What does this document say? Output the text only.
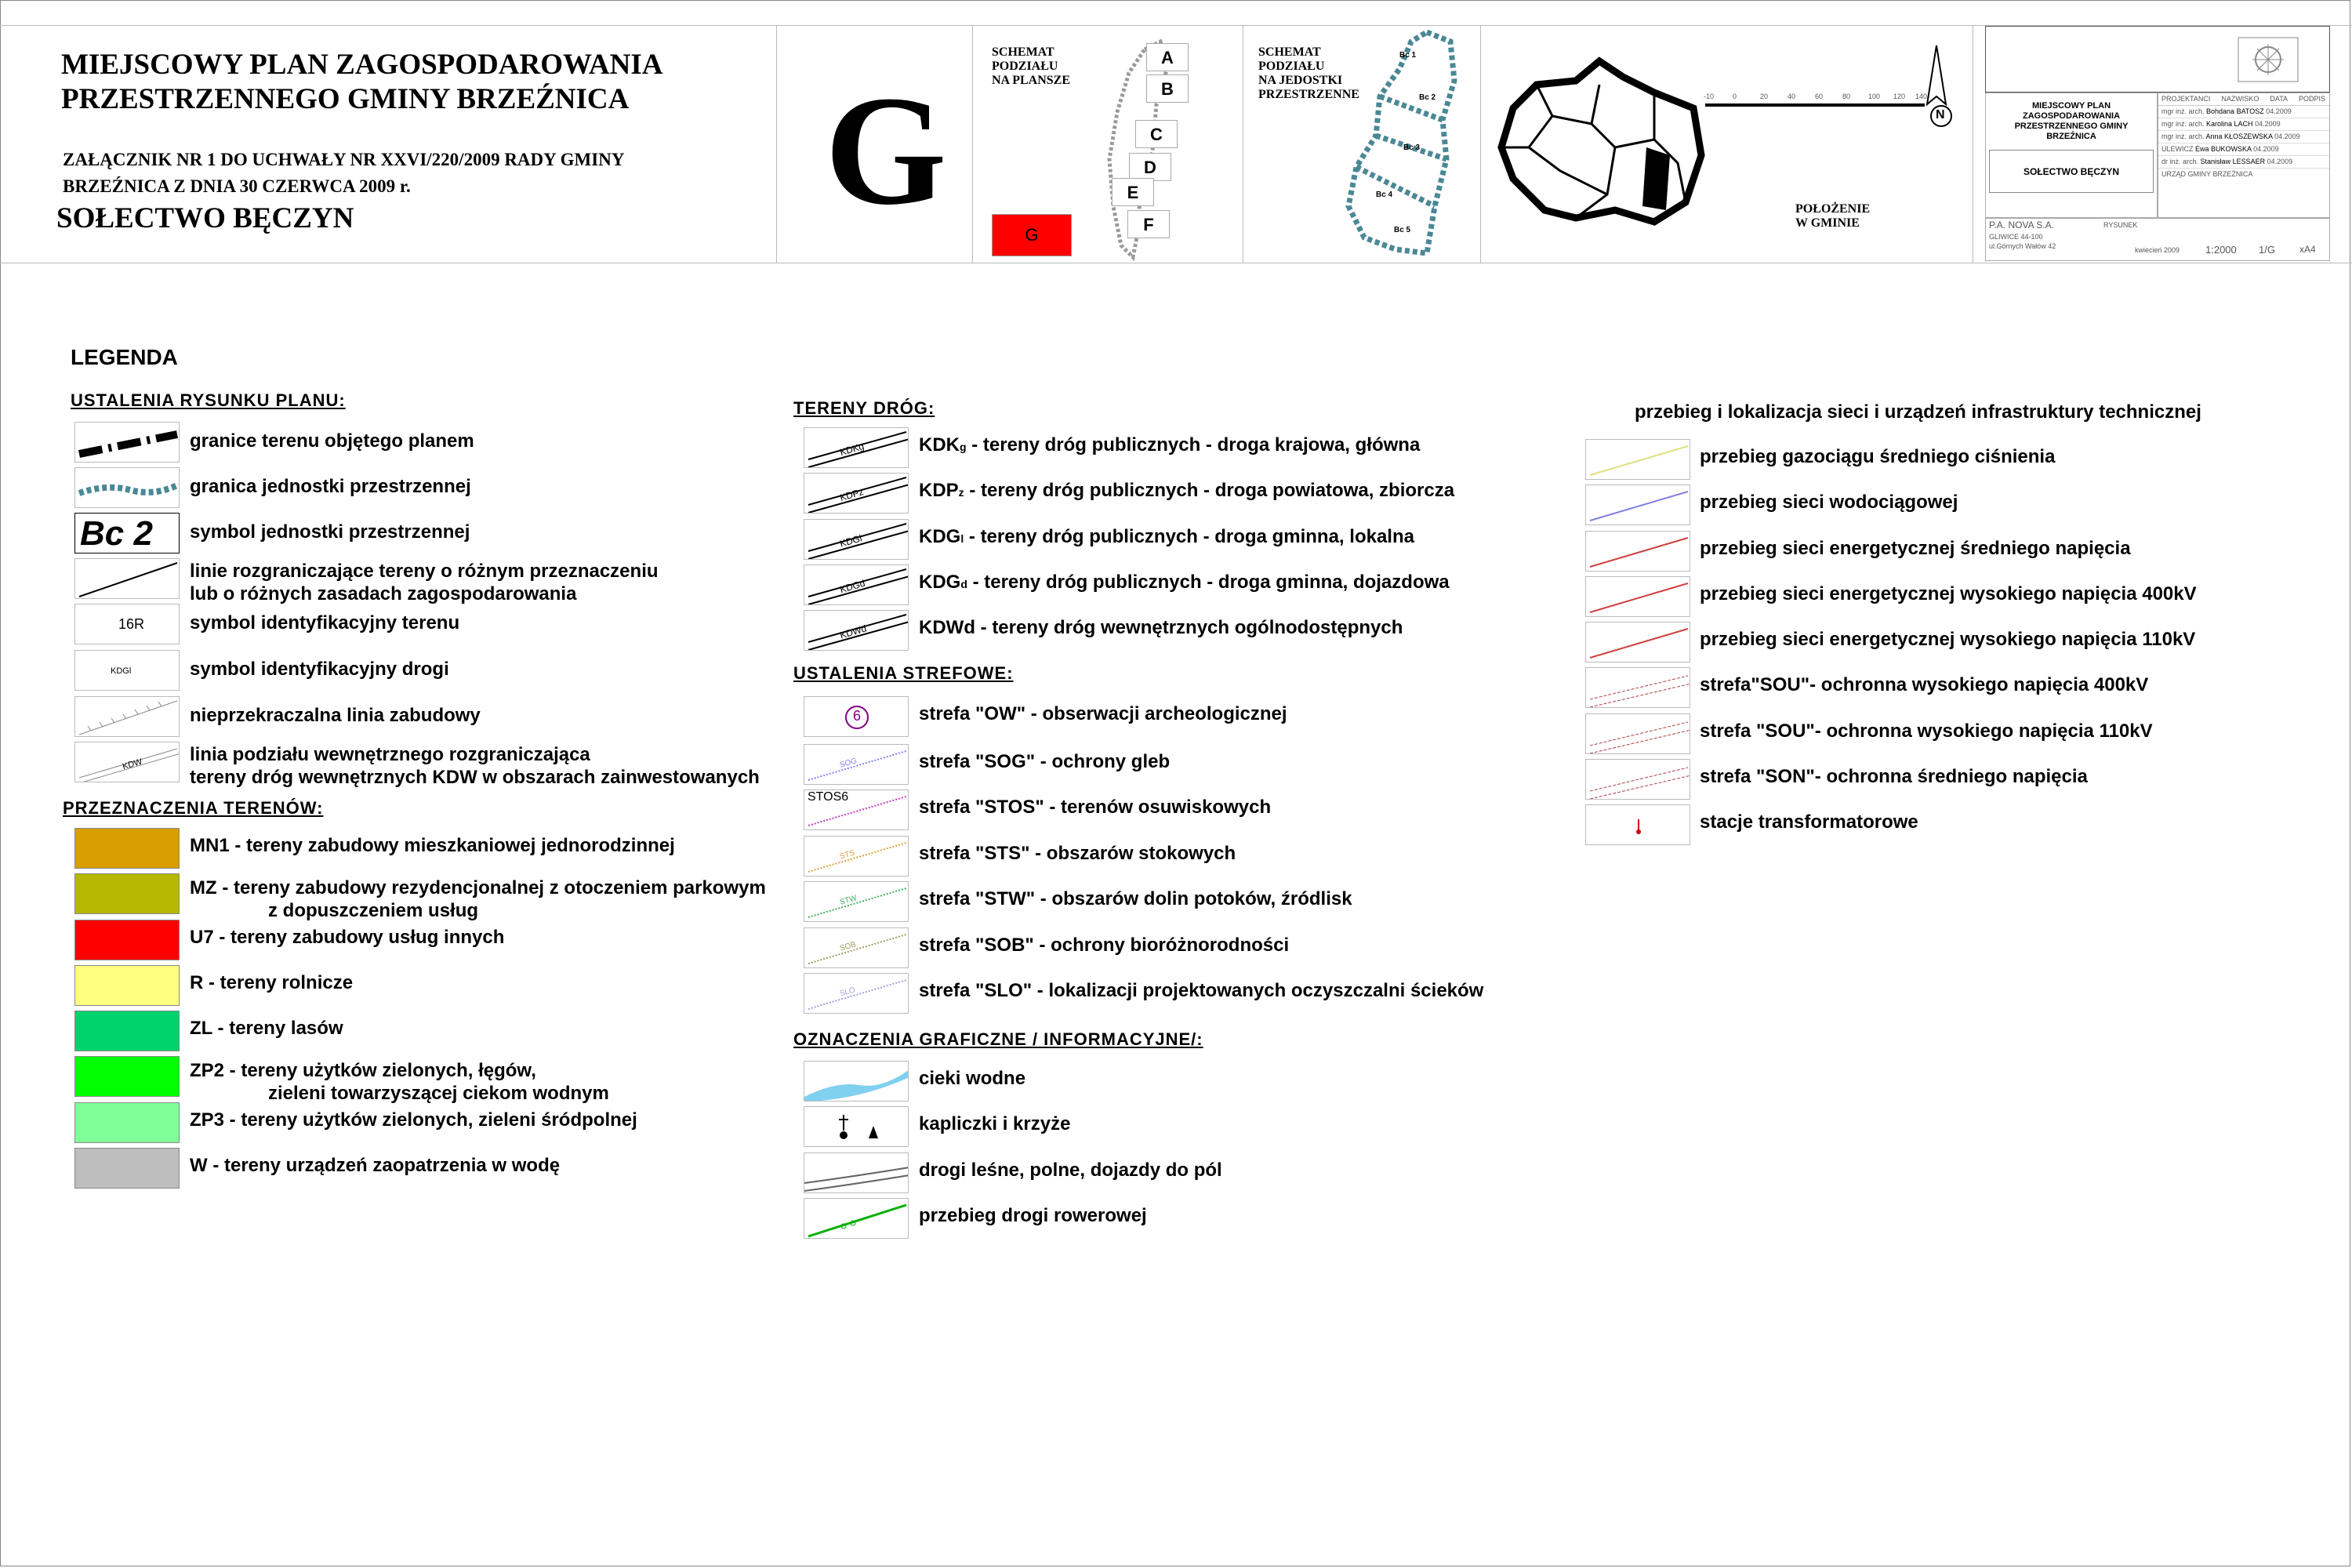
MIEJSCOWY PLAN ZAGOSPODAROWANIA
PRZESTRZENNEGO GMINY BRZEŹNICA
ZAŁĄCZNIK NR 1 DO UCHWAŁY NR XXVI/220/2009 RADY GMINY
BRZEŹNICA Z DNIA 30 CZERWCA 2009 r.
SOŁECTWO BĘCZYN	G
SCHEMAT
PODZIAŁU
NA PLANSZE
A
B
C
D
E
F
G
SCHEMAT
PODZIAŁU
NA JEDOSTKI
PRZESTRZENNE
Bc 1
Bc 2
Bc 3
Bc 4
Bc 5
-10	0	20	40	60	80	100 120 140
N
POŁOŻENIE
W GMINIE
MIEJSCOWY PLAN
ZAGOSPODAROWANIA
PRZESTRZENNEGO GMINY
BRZEŹNICA
SOŁECTWO BĘCZYN
PROJEKTANCI NAZWISKO DATA PODPIS
mgr inż. arch. Bohdana BATOSZ 04.2009
mgr inż. arch. Karolina LACH 04.2009
mgr inż. arch. Anna KŁOSZEWSKA 04.2009
ULEWICZ Ewa BUKOWSKA 04.2009
dr inż. arch. Stanisław LESSAER 04.2009
URZĄD GMINY BRZEŹNICA
P.A. NOVA S.A.
GLIWICE 44-100
ul.Górnych Wałów 42
RYSUNEK
kwiecień 2009	1:2000 1/G	xA4
LEGENDA
USTALENIA RYSUNKU PLANU:
PRZEZNACZENIA TERENÓW:
TERENY DRÓG:
USTALENIA STREFOWE:
OZNACZENIA GRAFICZNE / INFORMACYJNE/:
przebieg i lokalizacja sieci i urządzeń infrastruktury technicznej
granice terenu objętego planem
granica jednostki przestrzennej
Bc 2 symbol jednostki przestrzennej
linie rozgraniczające tereny o różnym przeznaczeniu
lub o różnych zasadach zagospodarowania
16R symbol identyfikacyjny terenu
KDGl	symbol identyfikacyjny drogi
nieprzekraczalna linia zabudowy
KDW linia podziału wewnętrznego rozgraniczająca
tereny dróg wewnętrznych KDW w obszarach zainwestowanych
MN1 - tereny zabudowy mieszkaniowej jednorodzinnej
MZ - tereny zabudowy rezydencjonalnej z otoczeniem parkowym
z dopuszczeniem usług
U7 - tereny zabudowy usług innych
R - tereny rolnicze
ZL - tereny lasów
ZP2 - tereny użytków zielonych, łęgów,
zieleni towarzyszącej ciekom wodnym
ZP3 - tereny użytków zielonych, zieleni śródpolnej
W - tereny urządzeń zaopatrzenia w wodę
KDKg	KDKg - tereny dróg publicznych - droga krajowa, główna
KDPz	KDPz - tereny dróg publicznych - droga powiatowa, zbiorcza
KDGl	KDGl - tereny dróg publicznych - droga gminna, lokalna
KDGd	KDGd - tereny dróg publicznych - droga gminna, dojazdowa
KDWd	KDWd - tereny dróg wewnętrznych ogólnodostępnych
6	strefa "OW" - obserwacji archeologicznej
SOG	strefa "SOG" - ochrony gleb
STOS6	strefa "STOS" - terenów osuwiskowych
STS	strefa "STS" - obszarów stokowych
STW	strefa "STW" - obszarów dolin potoków, źródlisk
SOB	strefa "SOB" - ochrony bioróżnorodności
SLO	strefa "SLO" - lokalizacji projektowanych oczyszczalni ścieków
cieki wodne
kapliczki i krzyże
drogi leśne, polne, dojazdy do pól
przebieg drogi rowerowej
przebieg gazociągu średniego ciśnienia
przebieg sieci wodociągowej
przebieg sieci energetycznej średniego napięcia
przebieg sieci energetycznej wysokiego napięcia 400kV
przebieg sieci energetycznej wysokiego napięcia 110kV
strefa"SOU"- ochronna wysokiego napięcia 400kV
strefa "SOU"- ochronna wysokiego napięcia 110kV
strefa "SON"- ochronna średniego napięcia
stacje transformatorowe
